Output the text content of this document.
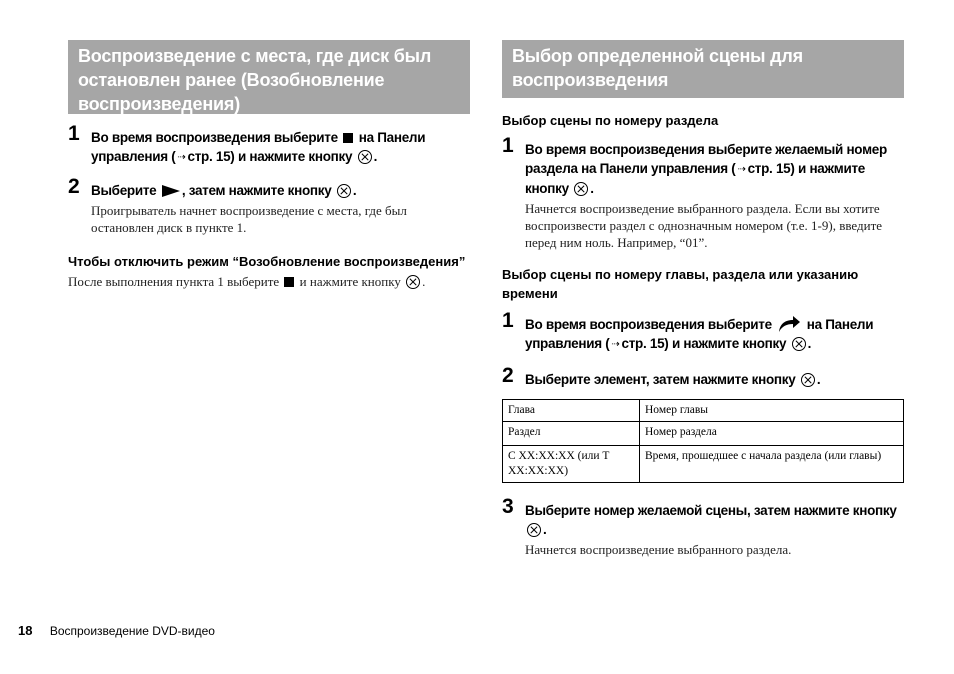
Воспроизведение с места, где диск был
остановлен ранее (Возобновление
воспроизведения)
1 Во время воспроизведения выберите на Панели
управления ( ⇢ стр. 15) и нажмите кнопку .
2 Выберите , затем нажмите кнопку .
Проигрыватель начнет воспроизведение с места, где был остановлен диск в пункте 1.
Чтобы отключить режим “Возобновление воспроизведения”
После выполнения пункта 1 выберите и нажмите кнопку .
Выбор определенной сцены для
воспроизведения
Выбор сцены по номеру раздела
1 Во время воспроизведения выберите желаемый номер раздела на Панели управления ( ⇢ стр. 15) и нажмите кнопку .
Начнется воспроизведение выбранного раздела. Если вы хотите воспроизвести раздел с однозначным номером (т.е. 1-9), введите перед ним ноль. Например, “01”.
Выбор сцены по номеру главы, раздела или указанию времени
1 Во время воспроизведения выберите	на Панели
управления ( ⇢ стр. 15) и нажмите кнопку .
2 Выберите элемент, затем нажмите кнопку .
Глава	Номер главы
Раздел	Номер раздела
C XX:XX:XX (или T XX:XX:XX)	Время, прошедшее с начала раздела (или главы)
3 Выберите номер желаемой сцены, затем нажмите кнопку .
Начнется воспроизведение выбранного раздела.
18 Воспроизведение DVD-видео
